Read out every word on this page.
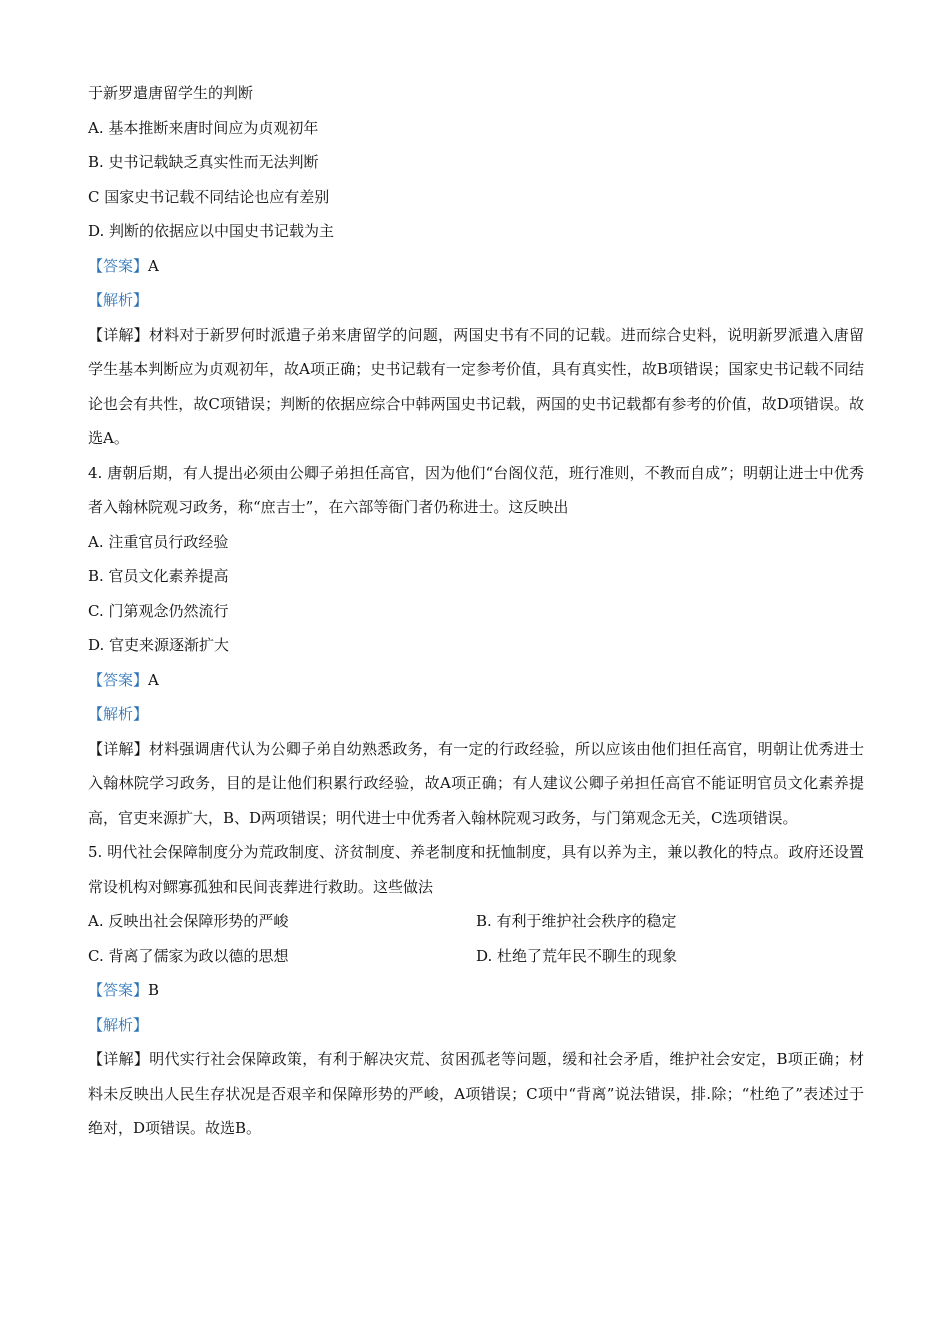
于新罗遣唐留学生的判断
A. 基本推断来唐时间应为贞观初年
B. 史书记载缺乏真实性而无法判断
C 国家史书记载不同结论也应有差别
D. 判断的依据应以中国史书记载为主
【答案】A
【解析】
【详解】材料对于新罗何时派遣子弟来唐留学的问题，两国史书有不同的记载。进而综合史料，说明新罗派遣入唐留学生基本判断应为贞观初年，故A项正确；史书记载有一定参考价值，具有真实性，故B项错误；国家史书记载不同结论也会有共性，故C项错误；判断的依据应综合中韩两国史书记载，两国的史书记载都有参考的价值，故D项错误。故选A。
4. 唐朝后期，有人提出必须由公卿子弟担任高官，因为他们“台阁仪范，班行准则，不教而自成”；明朝让进士中优秀者入翰林院观习政务，称“庶吉士”，在六部等衙门者仍称进士。这反映出
A. 注重官员行政经验
B. 官员文化素养提高
C. 门第观念仍然流行
D. 官吏来源逐渐扩大
【答案】A
【解析】
【详解】材料强调唐代认为公卿子弟自幼熟悉政务，有一定的行政经验，所以应该由他们担任高官，明朝让优秀进士入翰林院学习政务，目的是让他们积累行政经验，故A项正确；有人建议公卿子弟担任高官不能证明官员文化素养提高，官吏来源扩大，B、D两项错误；明代进士中优秀者入翰林院观习政务，与门第观念无关，C选项错误。
5. 明代社会保障制度分为荒政制度、济贫制度、养老制度和抚恤制度，具有以养为主，兼以教化的特点。政府还设置常设机构对鳏寡孤独和民间丧葬进行救助。这些做法
A. 反映出社会保障形势的严峻	B. 有利于维护社会秩序的稳定
C. 背离了儒家为政以德的思想	D. 杜绝了荒年民不聊生的现象
【答案】B
【解析】
【详解】明代实行社会保障政策，有利于解决灾荒、贫困孤老等问题，缓和社会矛盾，维护社会安定，B项正确；材料未反映出人民生存状况是否艰辛和保障形势的严峻，A项错误；C项中“背离”说法错误，排.除；“杜绝了”表述过于绝对，D项错误。故选B。
